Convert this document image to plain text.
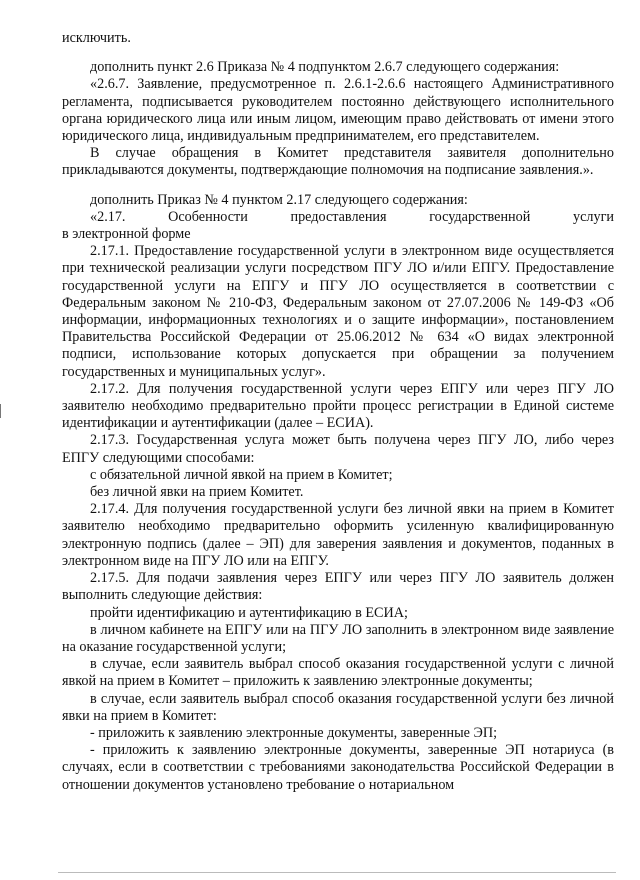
исключить.

дополнить пункт 2.6 Приказа № 4 подпунктом 2.6.7 следующего содержания:

«2.6.7. Заявление, предусмотренное п. 2.6.1-2.6.6 настоящего Административного регламента, подписывается руководителем постоянно действующего исполнительного органа юридического лица или иным лицом, имеющим право действовать от имени этого юридического лица, индивидуальным предпринимателем, его представителем.

В случае обращения в Комитет представителя заявителя дополнительно прикладываются документы, подтверждающие полномочия на подписание заявления.».

дополнить Приказ № 4 пунктом 2.17 следующего содержания:

«2.17.	Особенности	предоставления	государственной	услуги

в электронной форме

2.17.1. Предоставление государственной услуги в электронном виде осуществляется при технической реализации услуги посредством ПГУ ЛО и/или ЕПГУ. Предоставление государственной услуги на ЕПГУ и ПГУ ЛО осуществляется в соответствии с Федеральным законом № 210-ФЗ, Федеральным законом от 27.07.2006 № 149-ФЗ «Об информации, информационных технологиях и о защите информации», постановлением Правительства Российской Федерации от 25.06.2012 № 634 «О видах электронной подписи, использование которых допускается при обращении за получением государственных и муниципальных услуг».

2.17.2. Для получения государственной услуги через ЕПГУ или через ПГУ ЛО заявителю необходимо предварительно пройти процесс регистрации в Единой системе идентификации и аутентификации (далее – ЕСИА).

2.17.3. Государственная услуга может быть получена через ПГУ ЛО, либо через ЕПГУ следующими способами:

с обязательной личной явкой на прием в Комитет;

без личной явки на прием Комитет.

2.17.4. Для получения государственной услуги без личной явки на прием в Комитет заявителю необходимо предварительно оформить усиленную квалифицированную электронную подпись (далее – ЭП) для заверения заявления и документов, поданных в электронном виде на ПГУ ЛО или на ЕПГУ.

2.17.5. Для подачи заявления через ЕПГУ или через ПГУ ЛО заявитель должен выполнить следующие действия:

пройти идентификацию и аутентификацию в ЕСИА;

в личном кабинете на ЕПГУ или на ПГУ ЛО заполнить в электронном виде заявление на оказание государственной услуги;

в случае, если заявитель выбрал способ оказания государственной услуги с личной явкой на прием в Комитет – приложить к заявлению электронные документы;

в случае, если заявитель выбрал способ оказания государственной услуги без личной явки на прием в Комитет:

- приложить к заявлению электронные документы, заверенные ЭП;

- приложить к заявлению электронные документы, заверенные ЭП нотариуса (в случаях, если в соответствии с требованиями законодательства Российской Федерации в отношении документов установлено требование о нотариальном
